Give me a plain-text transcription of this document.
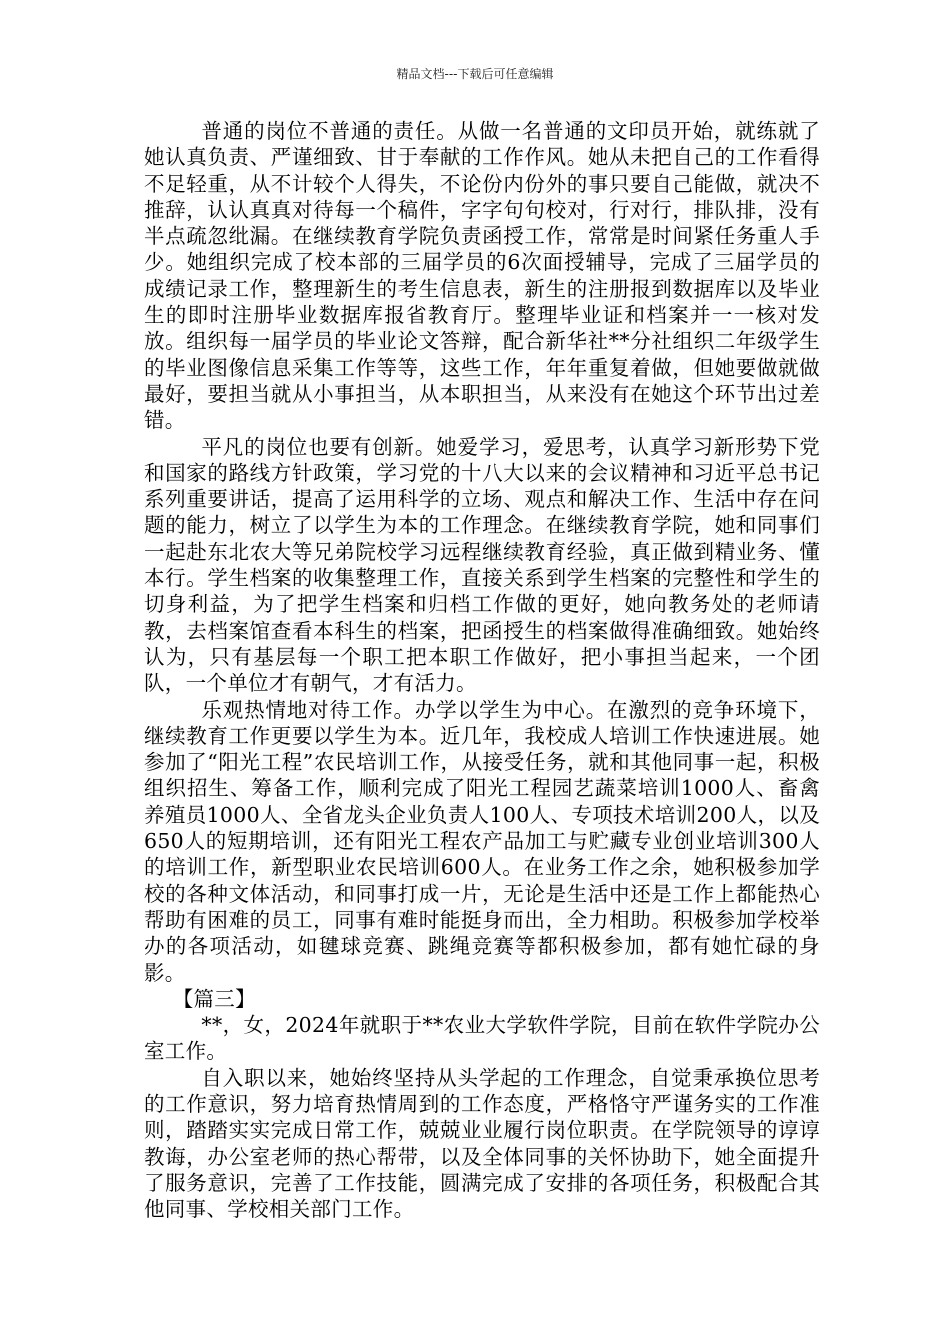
精品文档---下载后可任意编辑

普通的岗位不普通的责任。从做一名普通的文印员开始，就练就了她认真负责、严谨细致、甘于奉献的工作作风。她从未把自己的工作看得不足轻重，从不计较个人得失，不论份内份外的事只要自己能做，就决不推辞，认认真真对待每一个稿件，字字句句校对，行对行，排队排，没有半点疏忽纰漏。在继续教育学院负责函授工作，常常是时间紧任务重人手少。她组织完成了校本部的三届学员的6次面授辅导，完成了三届学员的成绩记录工作，整理新生的考生信息表，新生的注册报到数据库以及毕业生的即时注册毕业数据库报省教育厅。整理毕业证和档案并一一核对发放。组织每一届学员的毕业论文答辩，配合新华社**分社组织二年级学生的毕业图像信息采集工作等等，这些工作，年年重复着做，但她要做就做最好，要担当就从小事担当，从本职担当，从来没有在她这个环节出过差错。

平凡的岗位也要有创新。她爱学习，爱思考，认真学习新形势下党和国家的路线方针政策，学习党的十八大以来的会议精神和习近平总书记系列重要讲话，提高了运用科学的立场、观点和解决工作、生活中存在问题的能力，树立了以学生为本的工作理念。在继续教育学院，她和同事们一起赴东北农大等兄弟院校学习远程继续教育经验，真正做到精业务、懂本行。学生档案的收集整理工作，直接关系到学生档案的完整性和学生的切身利益，为了把学生档案和归档工作做的更好，她向教务处的老师请教，去档案馆查看本科生的档案，把函授生的档案做得准确细致。她始终认为，只有基层每一个职工把本职工作做好，把小事担当起来，一个团队，一个单位才有朝气，才有活力。

乐观热情地对待工作。办学以学生为中心。在激烈的竞争环境下，继续教育工作更要以学生为本。近几年，我校成人培训工作快速进展。她参加了“阳光工程”农民培训工作，从接受任务，就和其他同事一起，积极组织招生、筹备工作，顺利完成了阳光工程园艺蔬菜培训1000人、畜禽养殖员1000人、全省龙头企业负责人100人、专项技术培训200人，以及650人的短期培训，还有阳光工程农产品加工与贮藏专业创业培训300人的培训工作，新型职业农民培训600人。在业务工作之余，她积极参加学校的各种文体活动，和同事打成一片，无论是生活中还是工作上都能热心帮助有困难的员工，同事有难时能挺身而出，全力相助。积极参加学校举办的各项活动，如毽球竞赛、跳绳竞赛等都积极参加，都有她忙碌的身影。

【篇三】

**，女，2024年就职于**农业大学软件学院，目前在软件学院办公室工作。

自入职以来，她始终坚持从头学起的工作理念，自觉秉承换位思考的工作意识，努力培育热情周到的工作态度，严格恪守严谨务实的工作准则，踏踏实实完成日常工作，兢兢业业履行岗位职责。在学院领导的谆谆教诲，办公室老师的热心帮带，以及全体同事的关怀协助下，她全面提升了服务意识，完善了工作技能，圆满完成了安排的各项任务，积极配合其他同事、学校相关部门工作。
